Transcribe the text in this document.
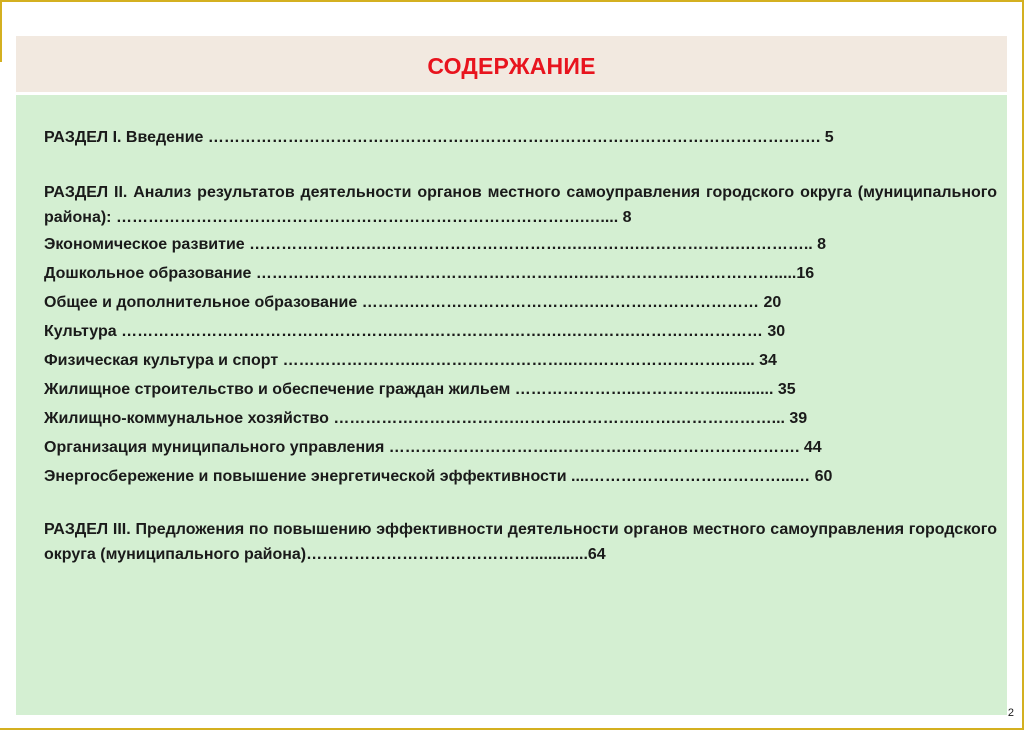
СОДЕРЖАНИЕ
РАЗДЕЛ I. Введение ……………………………………………………………………………………………………. 5
РАЗДЕЛ II. Анализ результатов деятельности органов местного самоуправления городского округа (муниципального района): …………………………………………………………………………….….... 8
Экономическое развитие ………………….….…………………………….….……….……………….………….. 8
Дошкольное образование …………………..……………………………….….……………….…………….....16
Общее и дополнительное образование ……….………………………….….………………………… 20
Культура …………………………………………….……………………….….………….…………………… 30
Физическая культура и спорт ……………………..………………………..….…………………….…... 34
Жилищное строительство и обеспечение граждан жильем …………………..……………............. 35
Жилищно-коммунальное хозяйство …………………………….………..………….…….………………... 39
Организация муниципального управления …………………………..………….……..……………………. 44
Энергосбережение и повышение энергетической эффективности ....………………………………...… 60
РАЗДЕЛ III. Предложения по повышению эффективности деятельности органов местного самоуправления городского округа (муниципального района)…………………………………….............64
2
